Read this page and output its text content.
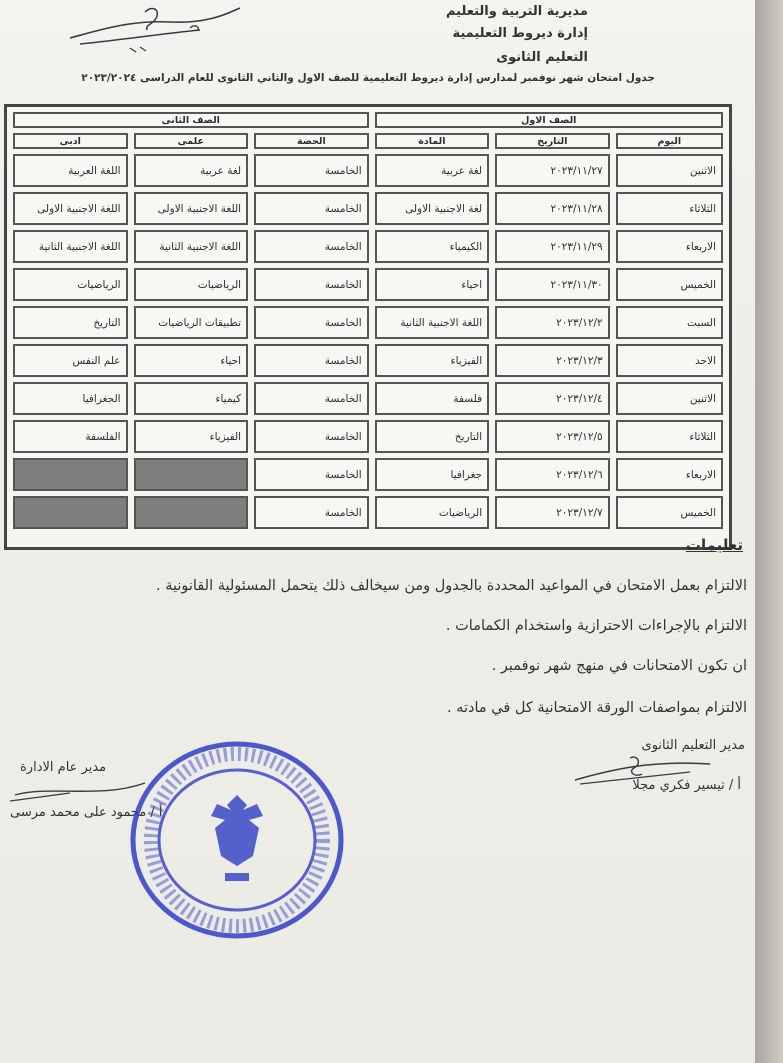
مديرية التربية والتعليم
إدارة ديروط التعليمية
التعليم الثانوى
جدول امتحان شهر نوفمبر لمدارس إدارة ديروط التعليمية للصف الاول والثاني الثانوى للعام الدراسى ٢٠٢٣/٢٠٢٤
الصف الاول			الصف الثانى		
اليوم	التاريخ	المادة	الحصة	علمى	ادبى
الاثنين	٢٠٢٣/١١/٢٧	لغة عربية	الخامسة	لغة عربية	اللغة العربية
الثلاثاء	٢٠٢٣/١١/٢٨	لغة الاجنبية الاولى	الخامسة	اللغة الاجنبية الاولى	اللغة الاجنبية الاولى
الاربعاء	٢٠٢٣/١١/٢٩	الكيمياء	الخامسة	اللغة الاجنبية الثانية	اللغة الاجنبية الثانية
الخميس	٢٠٢٣/١١/٣٠	احياء	الخامسة	الرياضيات	الرياضيات
السبت	٢٠٢٣/١٢/٢	اللغة الاجنبية الثانية	الخامسة	تطبيقات الرياضيات	التاريخ
الاحد	٢٠٢٣/١٢/٣	الفيزياء	الخامسة	احياء	علم النفس
الاثنين	٢٠٢٣/١٢/٤	فلسفة	الخامسة	كيمياء	الجغرافيا
الثلاثاء	٢٠٢٣/١٢/٥	التاريخ	الخامسة	الفيزياء	الفلسفة
الاربعاء	٢٠٢٣/١٢/٦	جغرافيا	الخامسة		
الخميس	٢٠٢٣/١٢/٧	الرياضيات	الخامسة		
تعليمات
الالتزام بعمل الامتحان في المواعيد المحددة بالجدول ومن سيخالف ذلك يتحمل المسئولية القانونية .
الالتزام بالإجراءات الاحترازية واستخدام الكمامات .
ان تكون الامتحانات في منهج شهر نوفمبر .
الالتزام بمواصفات الورقة الامتحانية كل في مادته .
مدير التعليم الثانوى
أ / تيسير فكري مجلا
مدير عام الادارة
أ / محمود على محمد مرسى
